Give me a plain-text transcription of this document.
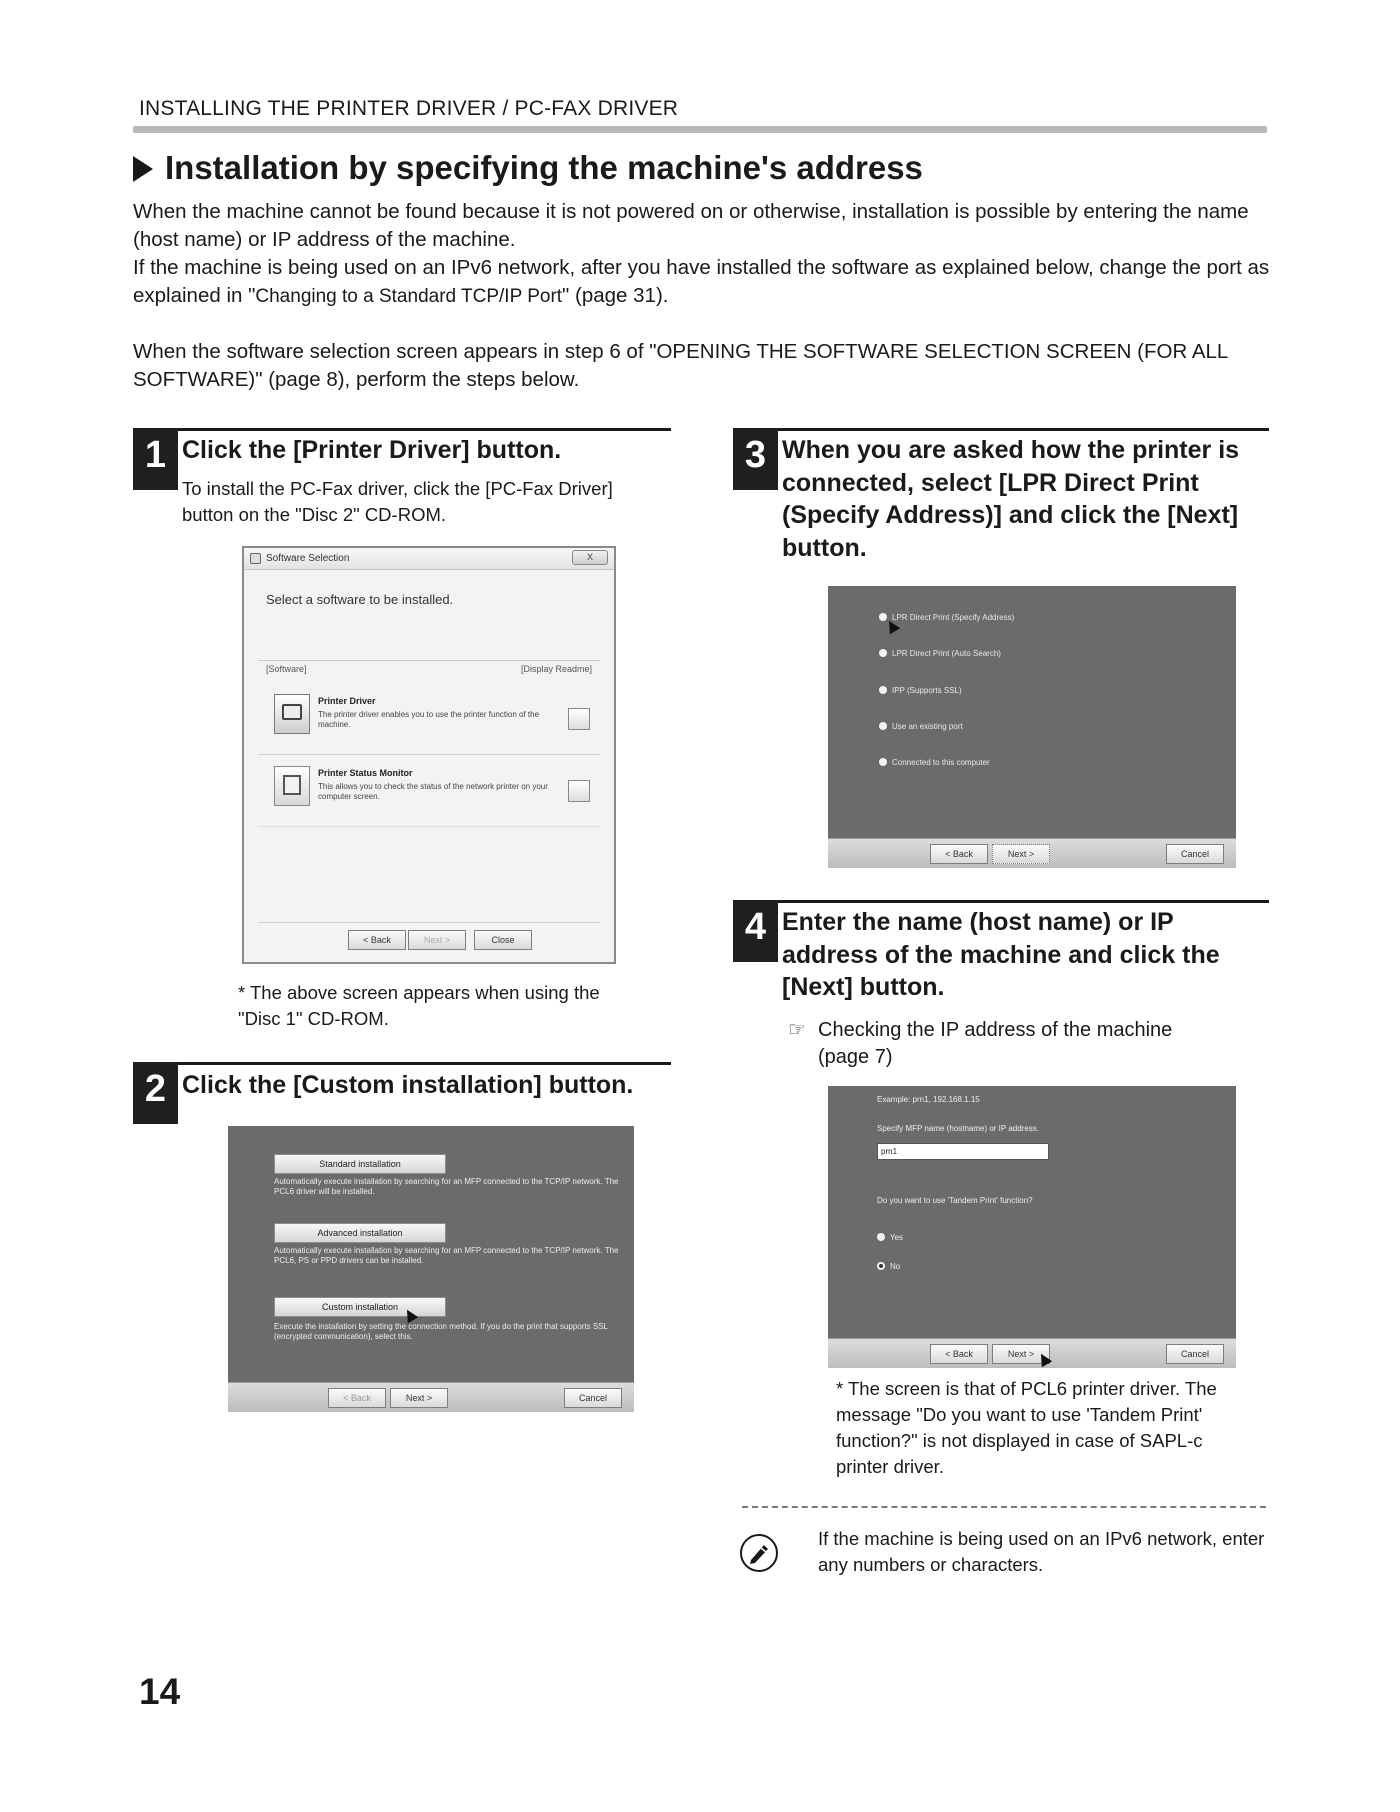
INSTALLING THE PRINTER DRIVER / PC-FAX DRIVER
Installation by specifying the machine's address
When the machine cannot be found because it is not powered on or otherwise, installation is possible by entering the name (host name) or IP address of the machine.
If the machine is being used on an IPv6 network, after you have installed the software as explained below, change the port as explained in "Changing to a Standard TCP/IP Port" (page 31).
When the software selection screen appears in step 6 of "OPENING THE SOFTWARE SELECTION SCREEN (FOR ALL SOFTWARE)" (page 8), perform the steps below.
1 Click the [Printer Driver] button.
To install the PC-Fax driver, click the [PC-Fax Driver] button on the "Disc 2" CD-ROM.
Software Selection	X
Select a software to be installed.
[Software]	[Display Readme]
Printer Driver
The printer driver enables you to use the printer function of the machine.
Printer Status Monitor
This allows you to check the status of the network printer on your computer screen.
< Back	Next >	Close
* The above screen appears when using the "Disc 1" CD-ROM.
2 Click the [Custom installation] button.
Standard installation
Automatically execute installation by searching for an MFP connected to the TCP/IP network. The PCL6 driver will be installed.
Advanced installation
Automatically execute installation by searching for an MFP connected to the TCP/IP network. The PCL6, PS or PPD drivers can be installed.
Custom installation
Execute the installation by setting the connection method. If you do the print that supports SSL (encrypted communication), select this.
< Back	Next >	Cancel
3 When you are asked how the printer is connected, select [LPR Direct Print (Specify Address)] and click the [Next] button.
LPR Direct Print (Specify Address)
LPR Direct Print (Auto Search)
IPP (Supports SSL)
Use an existing port
Connected to this computer
< Back	Next >	Cancel
4 Enter the name (host name) or IP address of the machine and click the [Next] button.
☞ Checking the IP address of the machine (page 7)
Example: prn1, 192.168.1.15
Specify MFP name (hostname) or IP address.
prn1
Do you want to use 'Tandem Print' function?
Yes
No
< Back	Next >	Cancel
* The screen is that of PCL6 printer driver. The message "Do you want to use 'Tandem Print' function?" is not displayed in case of SAPL-c printer driver.
If the machine is being used on an IPv6 network, enter any numbers or characters.
14
